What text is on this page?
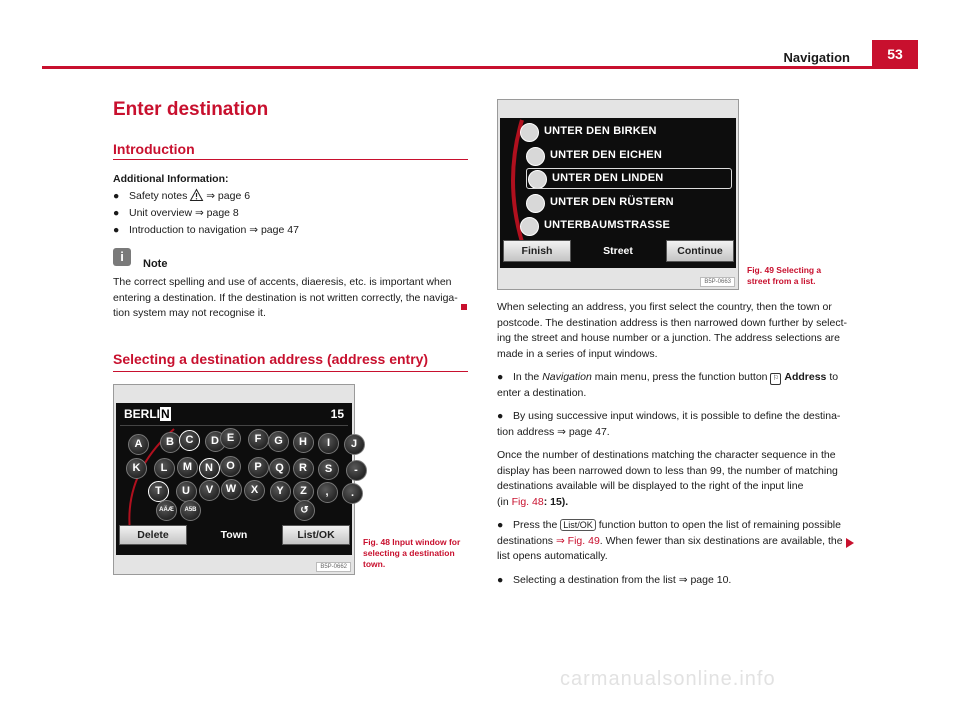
Navigation	53
Enter destination
Introduction
Additional Information:
● Safety notes ⇒ page 6
● Unit overview ⇒ page 8
● Introduction to navigation ⇒ page 47
i	Note
The correct spelling and use of accents, diaeresis, etc. is important when
entering a destination. If the destination is not written correctly, the naviga-
tion system may not recognise it.
Selecting a destination address (address entry)
BERLIN	15
A	B	C	D E	F	G	H	I	J
K	L	M	N	O	P	Q	R	S	-
T	U	V	W	X	Y	Z	,	.
AÄÆ	A5B	↺
Delete	Town	List/OK
B5P-0662
Fig. 48 Input window for
selecting a destination
town.
UNTER DEN BIRKEN
UNTER DEN EICHEN
UNTER DEN LINDEN
UNTER DEN RÜSTERN
UNTERBAUMSTRASSE
Finish	Street	Continue
B5P-0663
Fig. 49 Selecting a
street from a list.
When selecting an address, you first select the country, then the town or
postcode. The destination address is then narrowed down further by select-
ing the street and house number or a junction. The address selections are
made in a series of input windows.
● In the Navigation main menu, press the function button ⚐ Address to
enter a destination.
● By using successive input windows, it is possible to define the destina-
tion address ⇒ page 47.
Once the number of destinations matching the character sequence in the
display has been narrowed down to less than 99, the number of matching
destinations available will be displayed to the right of the input line
(in Fig. 48: 15).
● Press the List/OK function button to open the list of remaining possible
destinations ⇒ Fig. 49. When fewer than six destinations are available, the
list opens automatically.
● Selecting a destination from the list ⇒ page 10.
carmanualsonline.info
